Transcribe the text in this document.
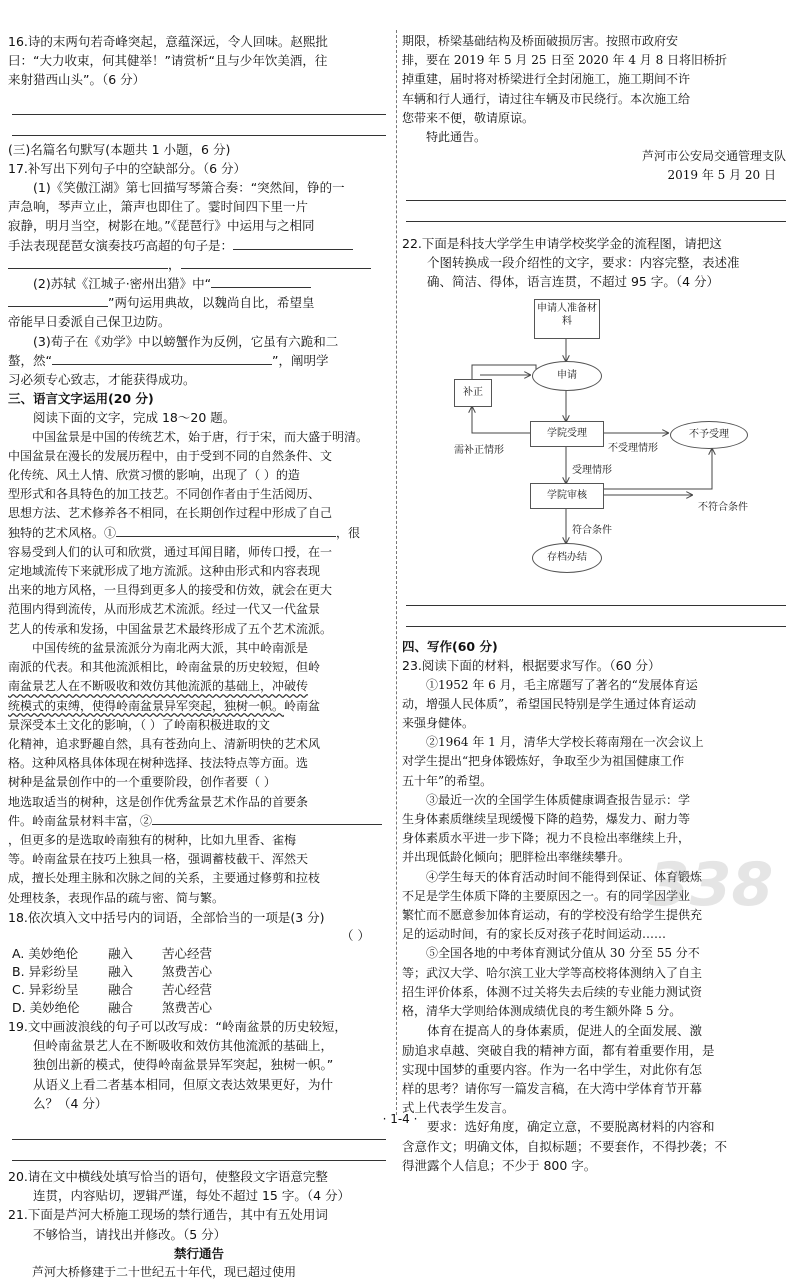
16.诗的末两句若奇峰突起，意蕴深远，令人回味。赵熙批

曰：“大力收束，何其健举！”请赏析“且与少年饮美酒，往

来射猎西山头”。（6 分）

(三)名篇名句默写(本题共 1 小题，6 分)

17.补写出下列句子中的空缺部分。（6 分）

(1)《笑傲江湖》第七回描写琴箫合奏：“突然间，铮的一

声急响，琴声立止，箫声也即住了。霎时间四下里一片

寂静，明月当空，树影在地。”《琵琶行》中运用与之相同

手法表现琵琶女演奏技巧高超的句子是：

，

(2)苏轼《江城子·密州出猎》中“

”两句运用典故，以魏尚自比，希望皇

帝能早日委派自己保卫边防。

(3)荀子在《劝学》中以螃蟹作为反例，它虽有六跪和二

螯，然“	”，阐明学

习必须专心致志，才能获得成功。

三、语言文字运用(20 分)

阅读下面的文字，完成 18～20 题。

中国盆景是中国的传统艺术，始于唐，行于宋，而大盛于明清。

中国盆景在漫长的发展历程中，由于受到不同的自然条件、文

化传统、风土人情、欣赏习惯的影响，出现了（ ）的造

型形式和各具特色的加工技艺。不同创作者由于生活阅历、

思想方法、艺术修养各不相同，在长期创作过程中形成了自己

独特的艺术风格。①	，很

容易受到人们的认可和欣赏，通过耳闻目睹，师传口授，在一

定地域流传下来就形成了地方流派。这种由形式和内容表现

出来的地方风格，一旦得到更多人的接受和仿效，就会在更大

范围内得到流传，从而形成艺术流派。经过一代又一代盆景

艺人的传承和发扬，中国盆景艺术最终形成了五个艺术流派。

中国传统的盆景流派分为南北两大派，其中岭南派是

南派的代表。和其他流派相比，岭南盆景的历史较短，但岭

南盆景艺人在不断吸收和效仿其他流派的基础上，冲破传

统模式的束缚，使得岭南盆景异军突起，独树一帜。岭南盆

景深受本土文化的影响，（ ）了岭南积极进取的文

化精神，追求野趣自然，具有苍劲向上、清新明快的艺术风

格。这种风格具体体现在树种选择、技法特点等方面。选

树种是盆景创作中的一个重要阶段，创作者要（ ）

地选取适当的树种，这是创作优秀盆景艺术作品的首要条

件。岭南盆景材料丰富，②

，但更多的是选取岭南独有的树种，比如九里香、雀梅

等。岭南盆景在技巧上独具一格，强调蓄枝截干、浑然天

成，擅长处理主脉和次脉之间的关系，主要通过修剪和拉枝

处理枝条，表现作品的疏与密、简与繁。

18.依次填入文中括号内的词语，全部恰当的一项是(3 分)

（ ）
A. 美妙绝伦	融入	苦心经营
B. 异彩纷呈	融入	煞费苦心
C. 异彩纷呈	融合	苦心经营
D. 美妙绝伦	融合	煞费苦心

19.文中画波浪线的句子可以改写成：“岭南盆景的历史较短，

但岭南盆景艺人在不断吸收和效仿其他流派的基础上，

独创出新的模式，使得岭南盆景异军突起，独树一帜。”

从语义上看二者基本相同，但原文表达效果更好，为什

么？（4 分）

20.请在文中横线处填写恰当的语句，使整段文字语意完整

连贯，内容贴切，逻辑严谨，每处不超过 15 字。（4 分）

21.下面是芦河大桥施工现场的禁行通告，其中有五处用词

不够恰当，请找出并修改。（5 分）

禁行通告

芦河大桥修建于二十世纪五十年代，现已超过使用

期限，桥梁基础结构及桥面破损厉害。按照市政府安

排，要在 2019 年 5 月 25 日至 2020 年 4 月 8 日将旧桥折

掉重建，届时将对桥梁进行全封闭施工，施工期间不许

车辆和行人通行，请过往车辆及市民绕行。本次施工给

您带来不便，敬请原谅。

特此通告。

芦河市公安局交通管理支队

2019 年 5 月 20 日

22.下面是科技大学学生申请学校奖学金的流程图，请把这

个图转换成一段介绍性的文字，要求：内容完整，表述准

确、简洁、得体，语言连贯，不超过 95 字。（4 分）

申请人准备材料
申请
补正
学院受理	不予受理
学院审核
存档办结
需补正情形	不受理情形
受理情形
不符合条件
符合条件

四、写作(60 分)

23.阅读下面的材料，根据要求写作。（60 分）

①1952 年 6 月，毛主席题写了著名的“发展体育运

动，增强人民体质”，希望国民特别是学生通过体育运动

来强身健体。

②1964 年 1 月，清华大学校长蒋南翔在一次会议上

对学生提出“把身体锻炼好，争取至少为祖国健康工作

五十年”的希望。

③最近一次的全国学生体质健康调查报告显示：学

生身体素质继续呈现缓慢下降的趋势，爆发力、耐力等

身体素质水平进一步下降；视力不良检出率继续上升，

并出现低龄化倾向；肥胖检出率继续攀升。

④学生每天的体育活动时间不能得到保证、体育锻炼

不足是学生体质下降的主要原因之一。有的同学因学业

繁忙而不愿意参加体育运动，有的学校没有给学生提供充

足的运动时间，有的家长反对孩子花时间运动……

⑤全国各地的中考体育测试分值从 30 分至 55 分不

等；武汉大学、哈尔滨工业大学等高校将体测纳入了自主

招生评价体系，体测不过关将失去后续的专业能力测试资

格，清华大学则给体测成绩优良的考生额外降 5 分。

体育在提高人的身体素质，促进人的全面发展、激

励追求卓越、突破自我的精神方面，都有着重要作用，是

实现中国梦的重要内容。作为一名中学生，对此你有怎

样的思考？请你写一篇发言稿，在大湾中学体育节开幕

式上代表学生发言。

要求：选好角度，确定立意，不要脱离材料的内容和

含意作文；明确文体，自拟标题；不要套作，不得抄袭；不

得泄露个人信息；不少于 800 字。

338
· 1-4 ·
